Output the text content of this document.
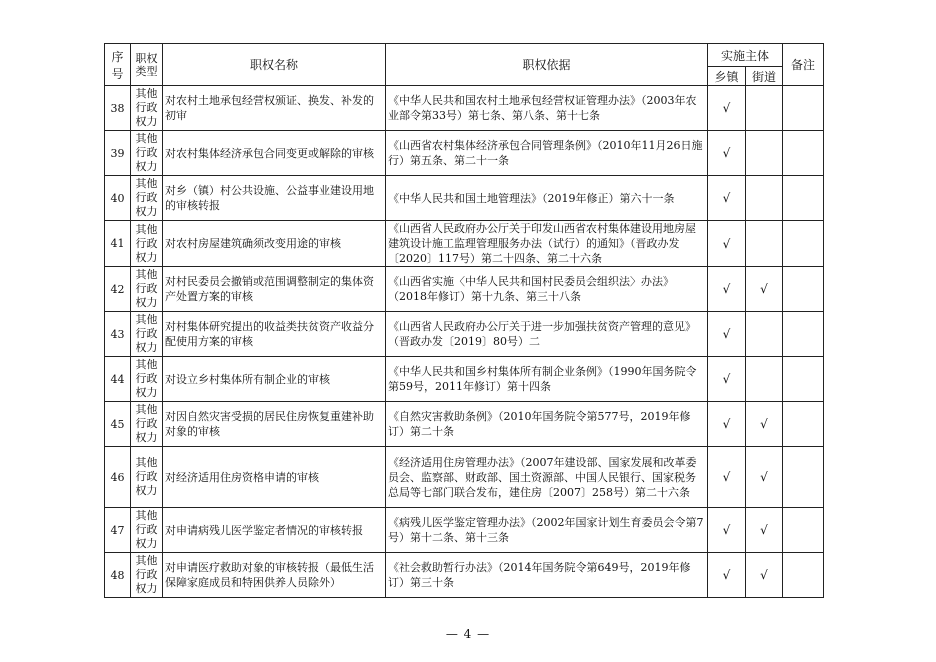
序号	职权类型	职权名称	职权依据	实施主体		备注
				乡镇	街道	
38	其他行政权力	对农村土地承包经营权颁证、换发、补发的初审	《中华人民共和国农村土地承包经营权证管理办法》（2003年农业部令第33号）第七条、第八条、第十七条	√		
39	其他行政权力	对农村集体经济承包合同变更或解除的审核	《山西省农村集体经济承包合同管理条例》（2010年11月26日施行）第五条、第二十一条	√		
40	其他行政权力	对乡（镇）村公共设施、公益事业建设用地的审核转报	《中华人民共和国土地管理法》（2019年修正）第六十一条	√		
41	其他行政权力	对农村房屋建筑确须改变用途的审核	《山西省人民政府办公厅关于印发山西省农村集体建设用地房屋建筑设计施工监理管理服务办法（试行）的通知》（晋政办发〔2020〕117号）第二十四条、第二十六条	√		
42	其他行政权力	对村民委员会撤销或范围调整制定的集体资产处置方案的审核	《山西省实施〈中华人民共和国村民委员会组织法〉办法》（2018年修订）第十九条、第三十八条	√	√	
43	其他行政权力	对村集体研究提出的收益类扶贫资产收益分配使用方案的审核	《山西省人民政府办公厅关于进一步加强扶贫资产管理的意见》（晋政办发〔2019〕80号）二	√		
44	其他行政权力	对设立乡村集体所有制企业的审核	《中华人民共和国乡村集体所有制企业条例》（1990年国务院令第59号，2011年修订）第十四条	√		
45	其他行政权力	对因自然灾害受损的居民住房恢复重建补助对象的审核	《自然灾害救助条例》（2010年国务院令第577号，2019年修订）第二十条	√	√	
46	其他行政权力	对经济适用住房资格申请的审核	《经济适用住房管理办法》（2007年建设部、国家发展和改革委员会、监察部、财政部、国土资源部、中国人民银行、国家税务总局等七部门联合发布，建住房〔2007〕258号）第二十六条	√	√	
47	其他行政权力	对申请病残儿医学鉴定者情况的审核转报	《病残儿医学鉴定管理办法》（2002年国家计划生育委员会令第7号）第十二条、第十三条	√	√	
48	其他行政权力	对申请医疗救助对象的审核转报（最低生活保障家庭成员和特困供养人员除外）	《社会救助暂行办法》（2014年国务院令第649号，2019年修订）第三十条	√	√	
— 4 —
